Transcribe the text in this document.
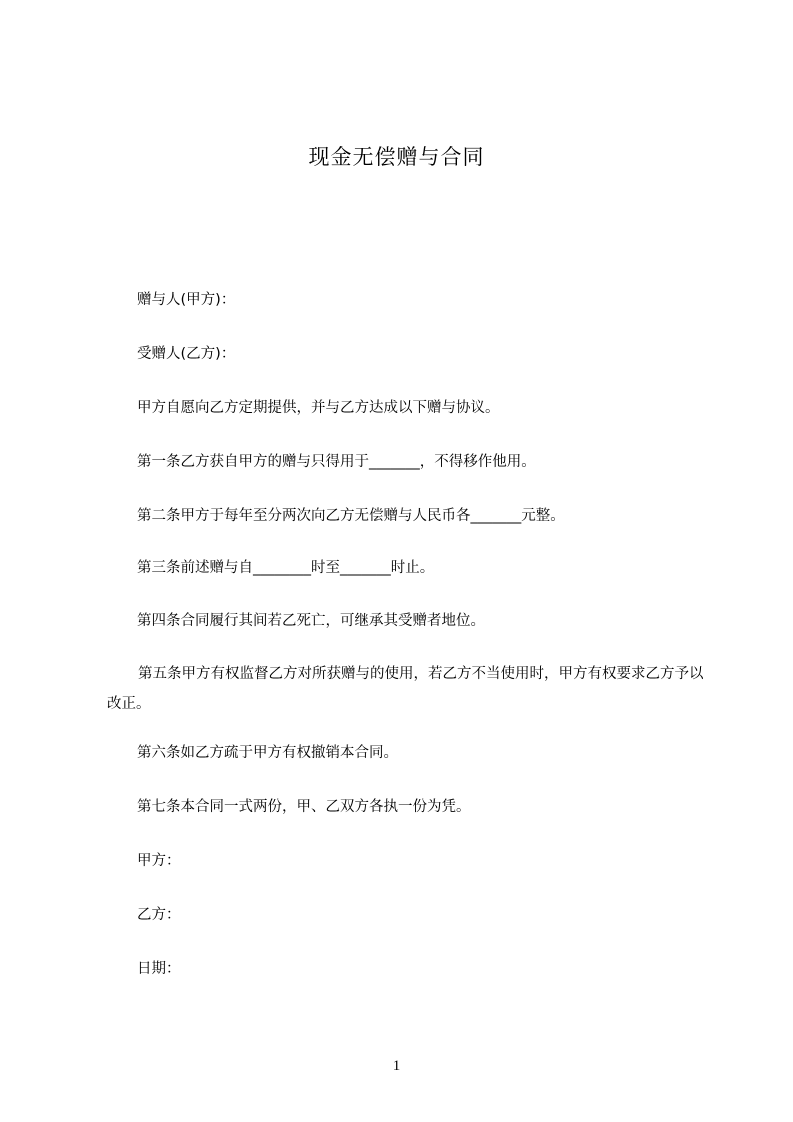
现金无偿赠与合同
赠与人(甲方)：
受赠人(乙方)：
甲方自愿向乙方定期提供，并与乙方达成以下赠与协议。
第一条乙方获自甲方的赠与只得用于_______，不得移作他用。
第二条甲方于每年至分两次向乙方无偿赠与人民币各_______元整。
第三条前述赠与自________时至_______时止。
第四条合同履行其间若乙死亡，可继承其受赠者地位。
第五条甲方有权监督乙方对所获赠与的使用，若乙方不当使用时，甲方有权要求乙方予以改正。
第六条如乙方疏于甲方有权撤销本合同。
第七条本合同一式两份，甲、乙双方各执一份为凭。
甲方：
乙方：
日期：
1
